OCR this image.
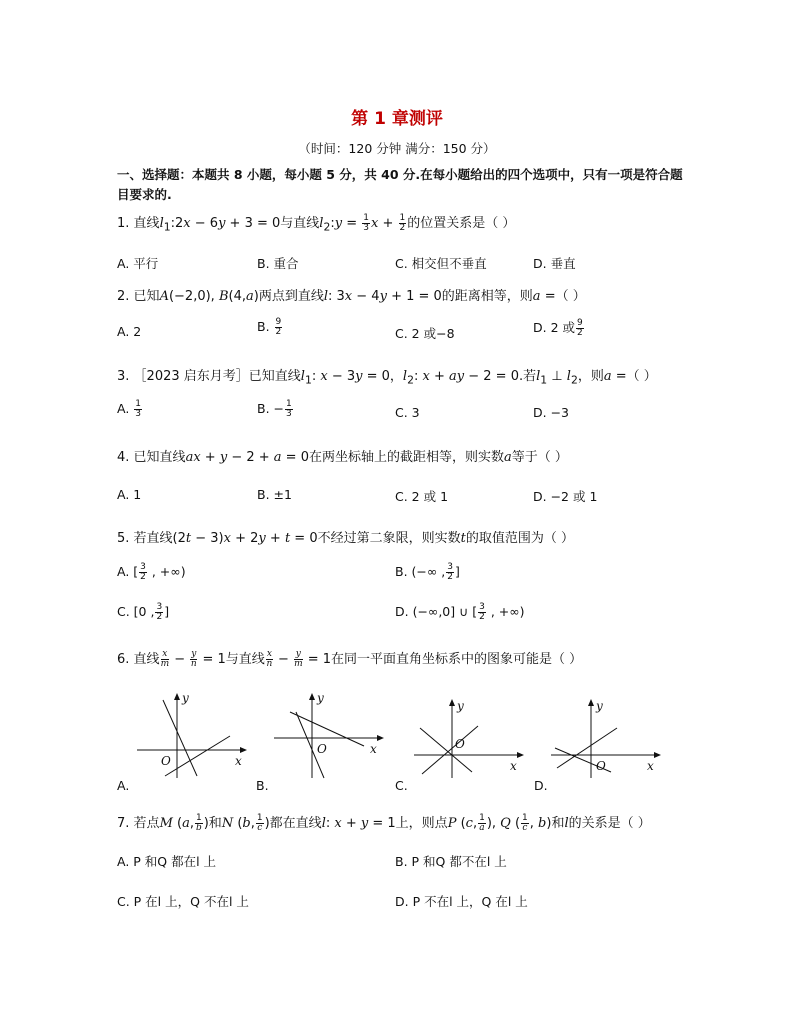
第 1 章测评
（时间：120 分钟 满分：150 分）
一、选择题：本题共 8 小题，每小题 5 分，共 40 分.在每小题给出的四个选项中，只有一项是符合题目要求的.
1. 直线$l_1:2x - 6y + 3 = 0$与直线$l_2:y = \frac{1}{3}$ $x + \frac{1}{2}$ 的位置关系是（ ）
A. 平行	B. 重合	C. 相交但不垂直	D. 垂直
2. 已知A(−2,0), B(4,a)两点到直线l: 3x − 4y + 1 = 0的距离相等，则a =（ ）
A. 2	B. $\frac{9}{2}$	C. 2 或−8	D. 2 或 $\frac{9}{2}$
3. ［2023 启东月考］已知直线$l_1$: x − 3y = 0，$l_2$: x + ay − 2 = 0.若$l_1$ ⊥ $l_2$，则a =（ ）
A. $\frac{1}{3}$	B. − $\frac{1}{3}$	C. 3	D. −3
4. 已知直线ax + y − 2 + a = 0在两坐标轴上的截距相等，则实数a等于（ ）
A. 1	B. ±1	C. 2 或 1	D. −2 或 1
5. 若直线(2t − 3)x + 2y + t = 0不经过第二象限，则实数t的取值范围为（ ）
A. [ $\frac{3}{2}$ , +∞)	B. (−∞ , $\frac{3}{2}$ ]
C. [0 , $\frac{3}{2}$ ]	D. (−∞,0] ∪ [ $\frac{3}{2}$ , +∞)
6. 直线 $\frac{x}{m} - \frac{y}{n} = 1$与直线 $\frac{x}{n} - \frac{y}{m} = 1$在同一平面直角坐标系中的图象可能是（ ）
y
x
O
A.
y
x
O
B.
y
x
O
C.
y
x
O
D.
7. 若点M (a, $\frac{1}{b}$ )和N (b, $\frac{1}{c}$ )都在直线l: x + y = 1上，则点P (c, $\frac{1}{a}$ ), Q ( $\frac{1}{c}$ , b)和l的关系是（ ）
A. P 和Q 都在l 上	B. P 和Q 都不在l 上
C. P 在l 上，Q 不在l 上	D. P 不在l 上，Q 在l 上
